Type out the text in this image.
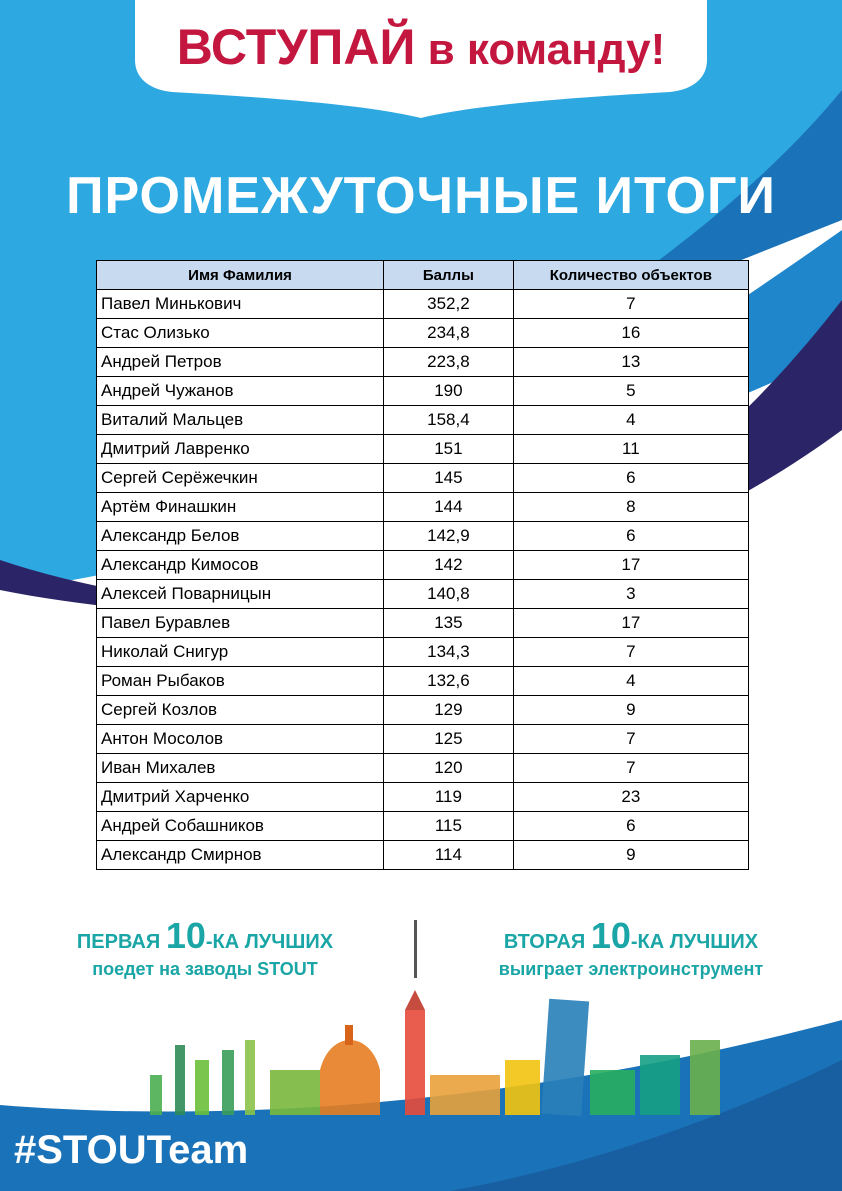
ВСТУПАЙ в команду!
ПРОМЕЖУТОЧНЫЕ ИТОГИ
Имя Фамилия	Баллы	Количество объектов
Павел Минькович	352,2	7
Стас Олизько	234,8	16
Андрей Петров	223,8	13
Андрей Чужанов	190	5
Виталий Мальцев	158,4	4
Дмитрий Лавренко	151	11
Сергей Серёжечкин	145	6
Артём Финашкин	144	8
Александр Белов	142,9	6
Александр Кимосов	142	17
Алексей Поварницын	140,8	3
Павел Буравлев	135	17
Николай Снигур	134,3	7
Роман Рыбаков	132,6	4
Сергей Козлов	129	9
Антон Мосолов	125	7
Иван Михалев	120	7
Дмитрий Харченко	119	23
Андрей Собашников	115	6
Александр Смирнов	114	9
ПЕРВАЯ 10-КА ЛУЧШИХ
поедет на заводы STOUT
ВТОРАЯ 10-КА ЛУЧШИХ
выиграет электроинструмент
#STOUTeam
